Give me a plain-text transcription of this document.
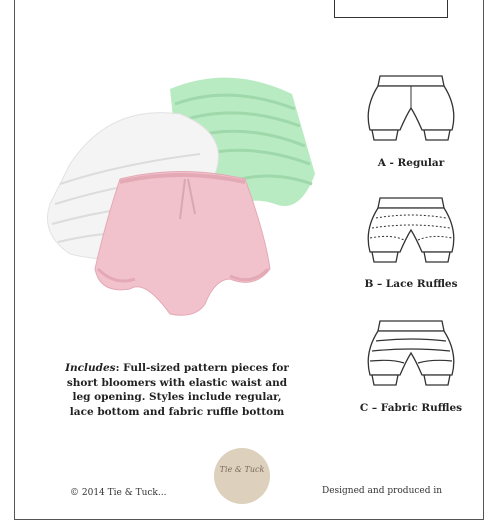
A - Regular
B – Lace Ruffles
C – Fabric Ruffles
Includes: Full-sized pattern pieces for short bloomers with elastic waist and leg opening. Styles include regular, lace bottom and fabric ruffle bottom
Tie & Tuck
© 2014 Tie & Tuck...	Designed and produced in
